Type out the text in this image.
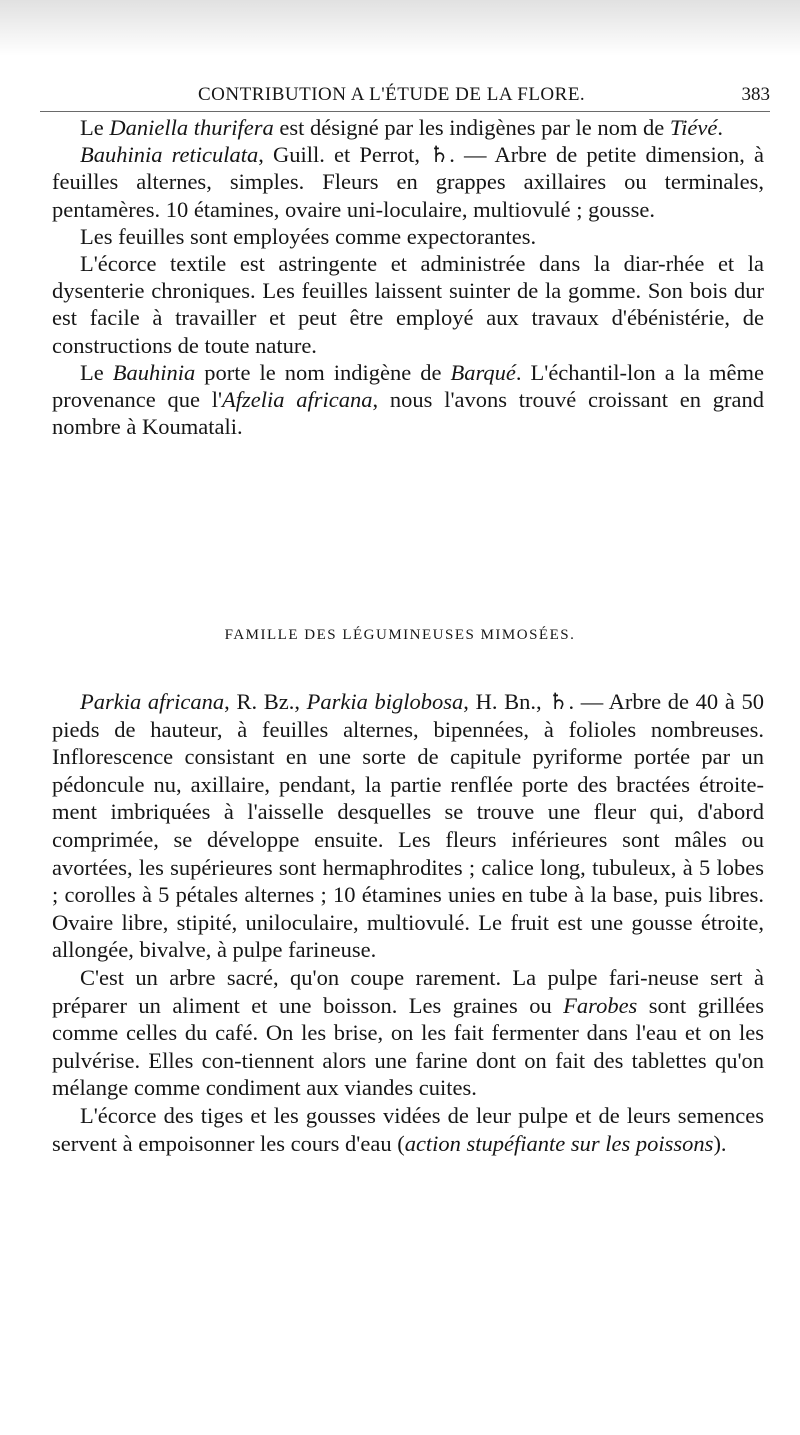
CONTRIBUTION A L'ÉTUDE DE LA FLORE.	383

Le Daniella thurifera est désigné par les indigènes par le nom de Tiévé.

Bauhinia reticulata, Guill. et Perrot, ♄. — Arbre de petite dimension, à feuilles alternes, simples. Fleurs en grappes axillaires ou terminales, pentamères. 10 étamines, ovaire uni-loculaire, multiovulé ; gousse.

Les feuilles sont employées comme expectorantes.

L'écorce textile est astringente et administrée dans la diar-rhée et la dysenterie chroniques. Les feuilles laissent suinter de la gomme. Son bois dur est facile à travailler et peut être employé aux travaux d'ébénistérie, de constructions de toute nature.

Le Bauhinia porte le nom indigène de Barqué. L'échantil-lon a la même provenance que l'Afzelia africana, nous l'avons trouvé croissant en grand nombre à Koumatali.

FAMILLE DES LÉGUMINEUSES MIMOSÉES.

Parkia africana, R. Bz., Parkia biglobosa, H. Bn., ♄. — Arbre de 40 à 50 pieds de hauteur, à feuilles alternes, bipennées, à folioles nombreuses. Inflorescence consistant en une sorte de capitule pyriforme portée par un pédoncule nu, axillaire, pendant, la partie renflée porte des bractées étroite-ment imbriquées à l'aisselle desquelles se trouve une fleur qui, d'abord comprimée, se développe ensuite. Les fleurs inférieures sont mâles ou avortées, les supérieures sont hermaphrodites ; calice long, tubuleux, à 5 lobes ; corolles à 5 pétales alternes ; 10 étamines unies en tube à la base, puis libres. Ovaire libre, stipité, uniloculaire, multiovulé. Le fruit est une gousse étroite, allongée, bivalve, à pulpe farineuse.

C'est un arbre sacré, qu'on coupe rarement. La pulpe fari-neuse sert à préparer un aliment et une boisson. Les graines ou Farobes sont grillées comme celles du café. On les brise, on les fait fermenter dans l'eau et on les pulvérise. Elles con-tiennent alors une farine dont on fait des tablettes qu'on mélange comme condiment aux viandes cuites.

L'écorce des tiges et les gousses vidées de leur pulpe et de leurs semences servent à empoisonner les cours d'eau (action stupéfiante sur les poissons).
